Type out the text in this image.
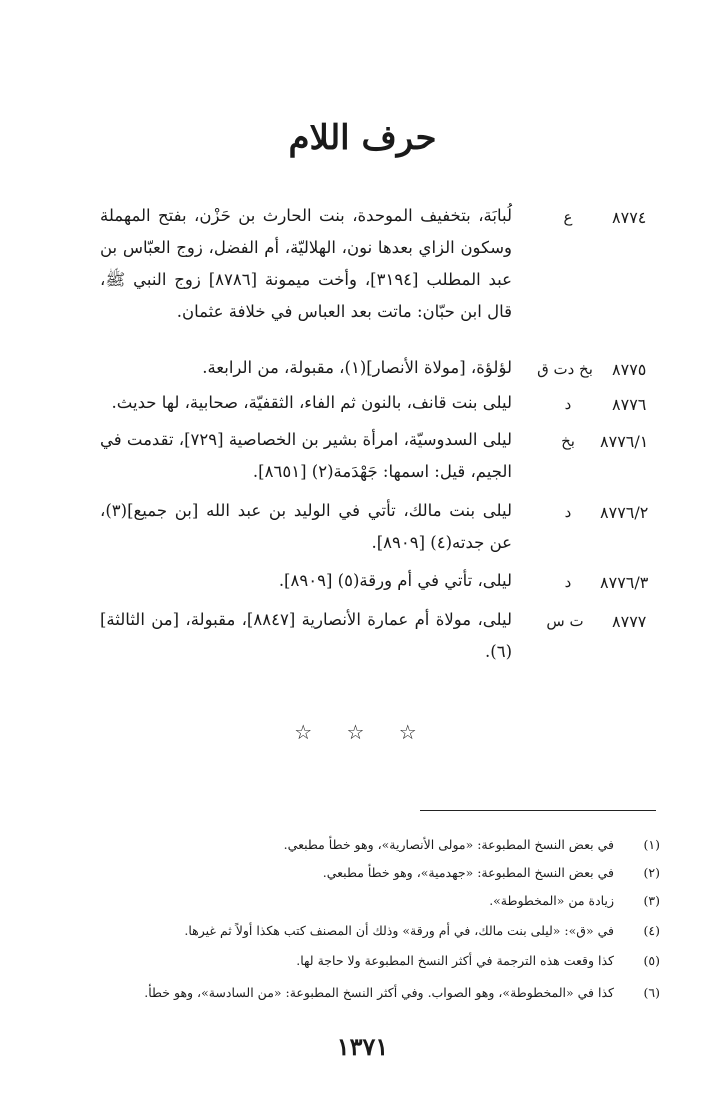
حرف اللام
٨٧٧٤
ع
لُبابَة، بتخفيف الموحدة، بنت الحارث بن حَزْن، بفتح المهملة وسكون الزاي بعدها نون، الهلاليّة، أم الفضل، زوج العبّاس بن عبد المطلب [٣١٩٤]، وأخت ميمونة [٨٧٨٦] زوج النبي ﷺ، قال ابن حبّان: ماتت بعد العباس في خلافة عثمان.
٨٧٧٥
بخ دت ق
لؤلؤة، [مولاة الأنصار](١)، مقبولة، من الرابعة.
٨٧٧٦
د
ليلى بنت قانف، بالنون ثم الفاء، الثقفيّة، صحابية، لها حديث.
٨٧٧٦/١
بخ
ليلى السدوسيّة، امرأة بشير بن الخصاصية [٧٢٩]، تقدمت في الجيم، قيل: اسمها: جَهْدَمة(٢) [٨٦٥١].
٨٧٧٦/٢
د
ليلى بنت مالك، تأتي في الوليد بن عبد الله [بن جميع](٣)، عن جدته(٤) [٨٩٠٩].
٨٧٧٦/٣
د
ليلى، تأتي في أم ورقة(٥) [٨٩٠٩].
٨٧٧٧
ت س
ليلى، مولاة أم عمارة الأنصارية [٨٨٤٧]، مقبولة، [من الثالثة](٦).
☆ ☆ ☆
(١)
في بعض النسخ المطبوعة: «مولى الأنصارية»، وهو خطأ مطبعي.
(٢)
في بعض النسخ المطبوعة: «جهدمية»، وهو خطأ مطبعي.
(٣)
زيادة من «المخطوطة».
(٤)
في «ق»: «ليلى بنت مالك، في أم ورقة» وذلك أن المصنف كتب هكذا أولاً ثم غيرها.
(٥)
كذا وقعت هذه الترجمة في أكثر النسخ المطبوعة ولا حاجة لها.
(٦)
كذا في «المخطوطة»، وهو الصواب. وفي أكثر النسخ المطبوعة: «من السادسة»، وهو خطأ.
١٣٧١
